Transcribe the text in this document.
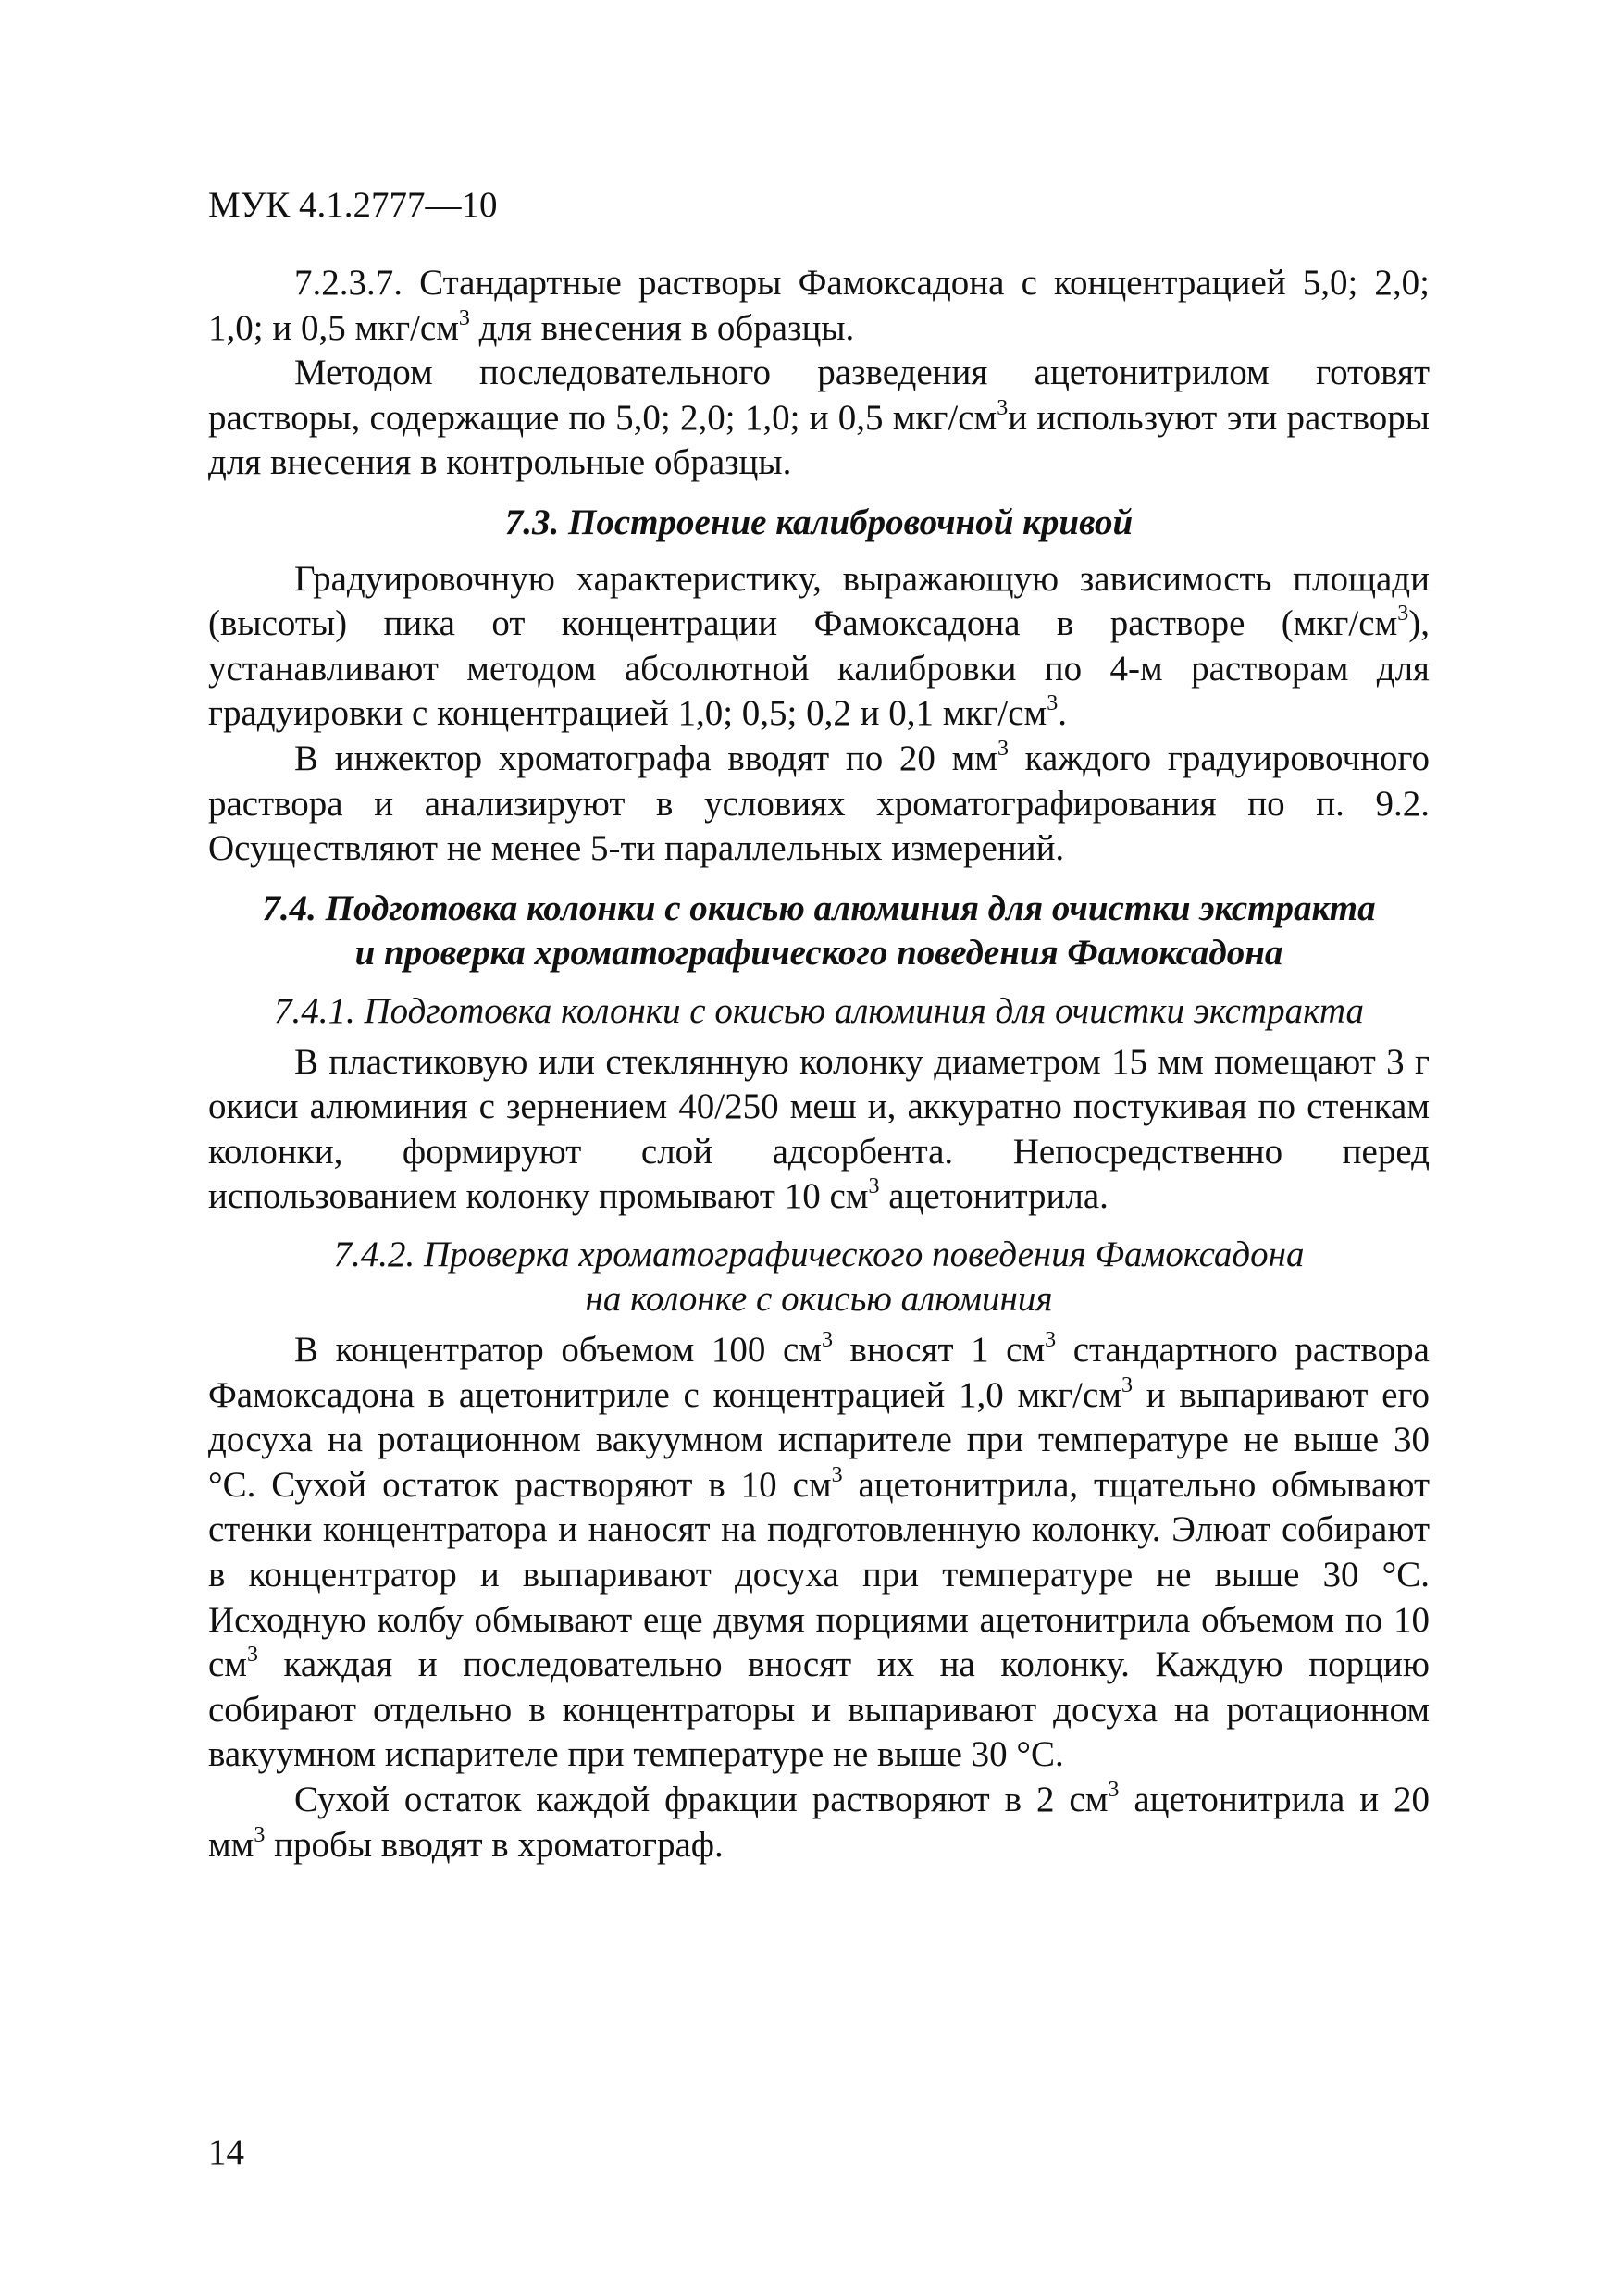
МУК 4.1.2777—10

7.2.3.7. Стандартные растворы Фамоксадона с концентрацией 5,0; 2,0; 1,0; и 0,5 мкг/$см^3$ для внесения в образцы.

Методом последовательного разведения ацетонитрилом готовят растворы, содержащие по 5,0; 2,0; 1,0; и 0,5 мкг/$см^3и$ используют эти растворы для внесения в контрольные образцы.

7.3. Построение калибровочной кривой

Градуировочную характеристику, выражающую зависимость площади (высоты) пика от концентрации Фамоксадона в растворе $(мкг/см^3)$, устанавливают методом абсолютной калибровки по 4-м растворам для градуировки с концентрацией 1,0; 0,5; 0,2 и 0,1 мкг/$см^3$.

В инжектор хроматографа вводят по 20 $мм^3$ каждого градуировочного раствора и анализируют в условиях хроматографирования по п. 9.2. Осуществляют не менее 5-ти параллельных измерений.

7.4. Подготовка колонки с окисью алюминия для очистки экстракта
и проверка хроматографического поведения Фамоксадона
7.4.1. Подготовка колонки с окисью алюминия для очистки экстракта

В пластиковую или стеклянную колонку диаметром 15 мм помещают 3 г окиси алюминия с зернением 40/250 меш и, аккуратно постукивая по стенкам колонки, формируют слой адсорбента. Непосредственно перед использованием колонку промывают 10 $см^3$ ацетонитрила.

7.4.2. Проверка хроматографического поведения Фамоксадона
на колонке с окисью алюминия

В концентратор объемом 100 $см^3$ вносят 1 $см^3$ стандартного раствора Фамоксадона в ацетонитриле с концентрацией 1,0 мкг/$см^3$ и выпаривают его досуха на ротационном вакуумном испарителе при температуре не выше 30 °С. Сухой остаток растворяют в 10 $см^3$ ацетонитрила, тщательно обмывают стенки концентратора и наносят на подготовленную колонку. Элюат собирают в концентратор и выпаривают досуха при температуре не выше 30 °С. Исходную колбу обмывают еще двумя порциями ацетонитрила объемом по 10 $см^3$ каждая и последовательно вносят их на колонку. Каждую порцию собирают отдельно в концентраторы и выпаривают досуха на ротационном вакуумном испарителе при температуре не выше 30 °С.

Сухой остаток каждой фракции растворяют в 2 $см^3$ ацетонитрила и 20 $мм^3$ пробы вводят в хроматограф.

14
